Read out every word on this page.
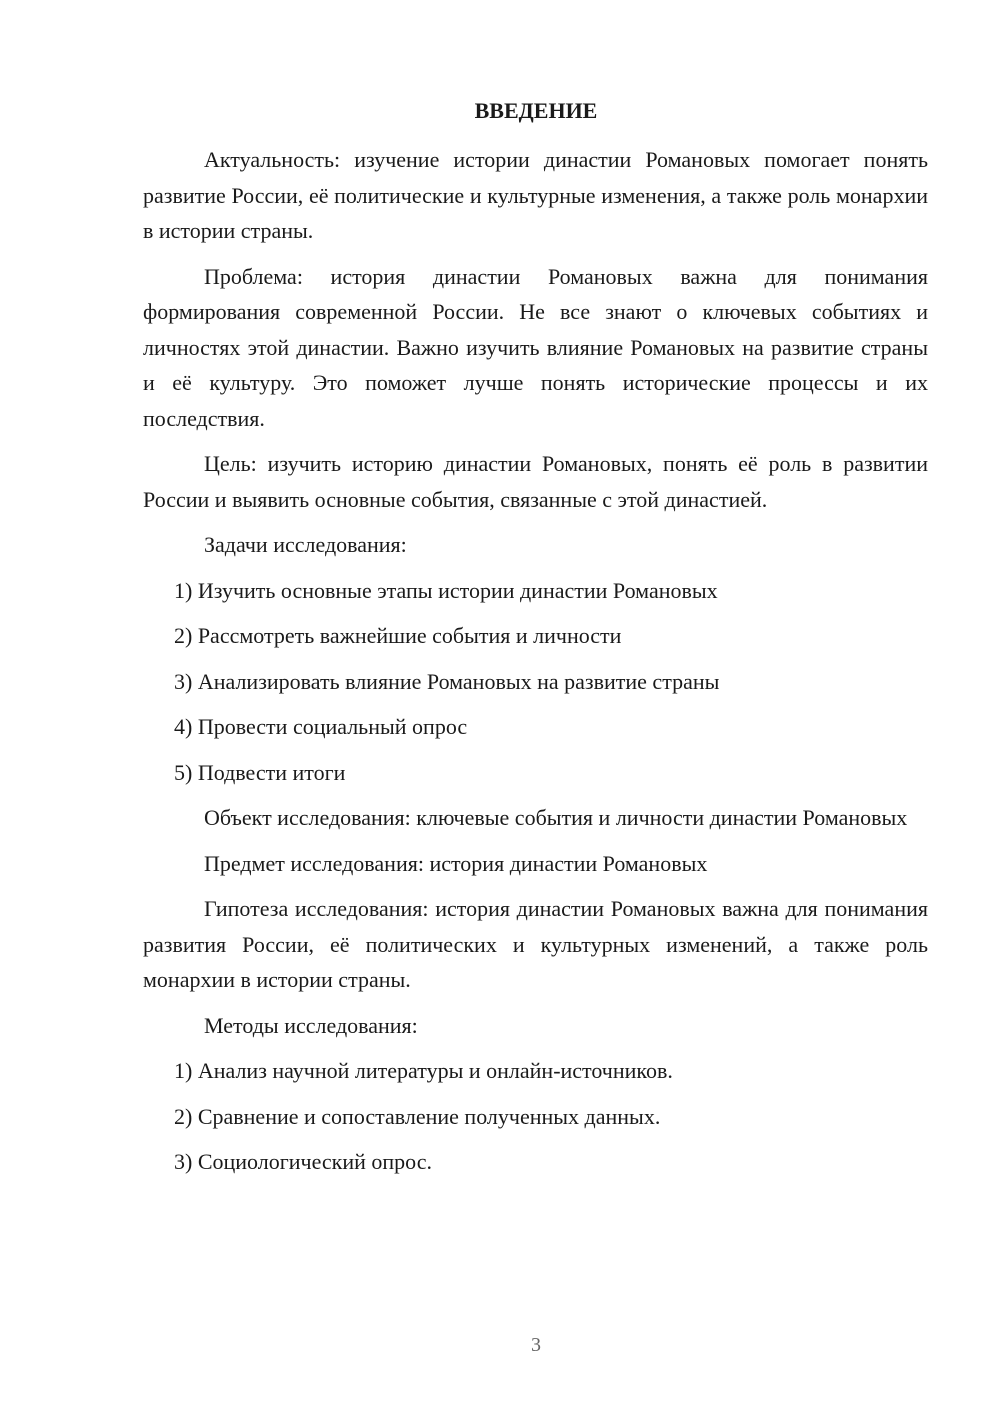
ВВЕДЕНИЕ

Актуальность: изучение истории династии Романовых помогает понять развитие России, её политические и культурные изменения, а также роль монархии в истории страны.

Проблема: история династии Романовых важна для понимания формирования современной России. Не все знают о ключевых событиях и личностях этой династии. Важно изучить влияние Романовых на развитие страны и её культуру. Это поможет лучше понять исторические процессы и их последствия.

Цель: изучить историю династии Романовых, понять её роль в развитии России и выявить основные события, связанные с этой династией.

Задачи исследования:

1) Изучить основные этапы истории династии Романовых
2) Рассмотреть важнейшие события и личности
3) Анализировать влияние Романовых на развитие страны
4) Провести социальный опрос
5) Подвести итоги

Объект исследования: ключевые события и личности династии Романовых

Предмет исследования: история династии Романовых

Гипотеза исследования: история династии Романовых важна для понимания развития России, её политических и культурных изменений, а также роль монархии в истории страны.

Методы исследования:

1) Анализ научной литературы и онлайн-источников.
2) Сравнение и сопоставление полученных данных.
3) Социологический опрос.

3
